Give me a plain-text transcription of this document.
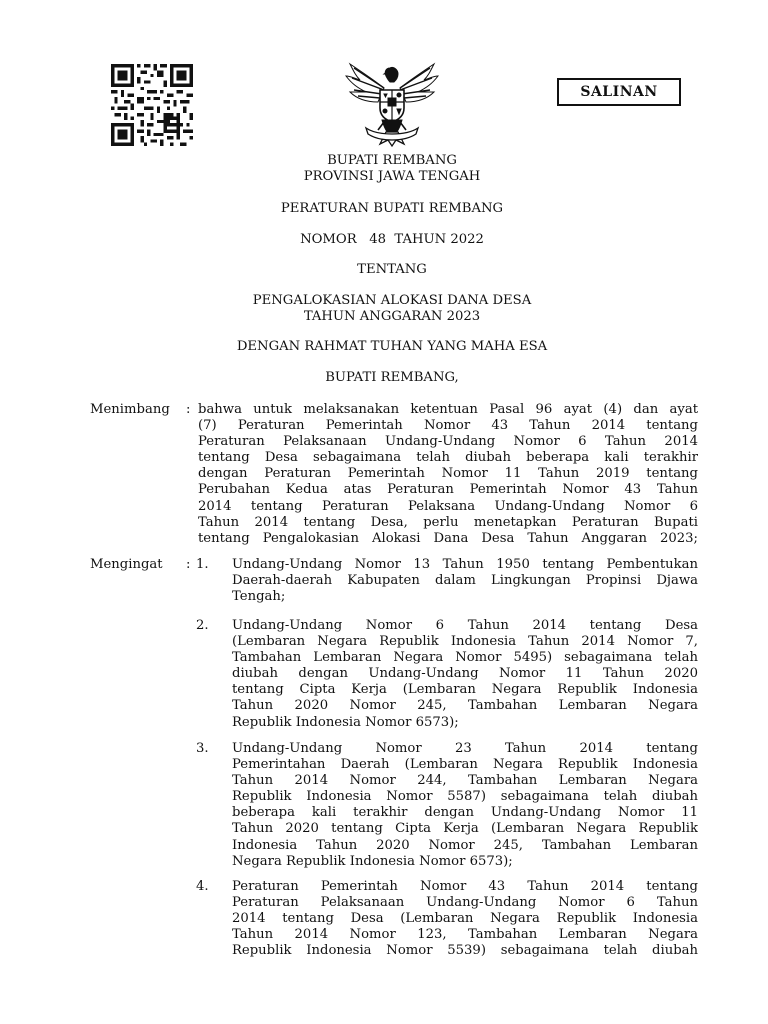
SALINAN
BUPATI REMBANG
PROVINSI JAWA TENGAH
PERATURAN BUPATI REMBANG
NOMOR   48  TAHUN 2022
TENTANG
PENGALOKASIAN ALOKASI DANA DESA
TAHUN ANGGARAN 2023
DENGAN RAHMAT TUHAN YANG MAHA ESA
BUPATI REMBANG,
Menimbang : bahwa untuk melaksanakan ketentuan Pasal 96 ayat (4) dan ayat
(7) Peraturan Pemerintah Nomor 43 Tahun 2014 tentang
Peraturan Pelaksanaan Undang-Undang Nomor 6 Tahun 2014
tentang Desa sebagaimana telah diubah beberapa kali terakhir
dengan Peraturan Pemerintah Nomor 11 Tahun 2019 tentang
Perubahan Kedua atas Peraturan Pemerintah Nomor 43 Tahun
2014 tentang Peraturan Pelaksana Undang-Undang Nomor 6
Tahun 2014 tentang Desa, perlu menetapkan Peraturan Bupati
tentang Pengalokasian Alokasi Dana Desa Tahun Anggaran 2023;
Mengingat : 1. Undang-Undang Nomor 13 Tahun 1950 tentang Pembentukan
Daerah-daerah Kabupaten dalam Lingkungan Propinsi Djawa
Tengah;
2. Undang-Undang Nomor 6 Tahun 2014 tentang Desa
(Lembaran Negara Republik Indonesia Tahun 2014 Nomor 7,
Tambahan Lembaran Negara Nomor 5495) sebagaimana telah
diubah dengan Undang-Undang Nomor 11 Tahun 2020
tentang Cipta Kerja (Lembaran Negara Republik Indonesia
Tahun 2020 Nomor 245, Tambahan Lembaran Negara
Republik Indonesia Nomor 6573);
3. Undang-Undang Nomor 23 Tahun 2014 tentang
Pemerintahan Daerah (Lembaran Negara Republik Indonesia
Tahun 2014 Nomor 244, Tambahan Lembaran Negara
Republik Indonesia Nomor 5587) sebagaimana telah diubah
beberapa kali terakhir dengan Undang-Undang Nomor 11
Tahun 2020 tentang Cipta Kerja (Lembaran Negara Republik
Indonesia Tahun 2020 Nomor 245, Tambahan Lembaran
Negara Republik Indonesia Nomor 6573);
4. Peraturan Pemerintah Nomor 43 Tahun 2014 tentang
Peraturan Pelaksanaan Undang-Undang Nomor 6 Tahun
2014 tentang Desa (Lembaran Negara Republik Indonesia
Tahun 2014 Nomor 123, Tambahan Lembaran Negara
Republik Indonesia Nomor 5539) sebagaimana telah diubah
